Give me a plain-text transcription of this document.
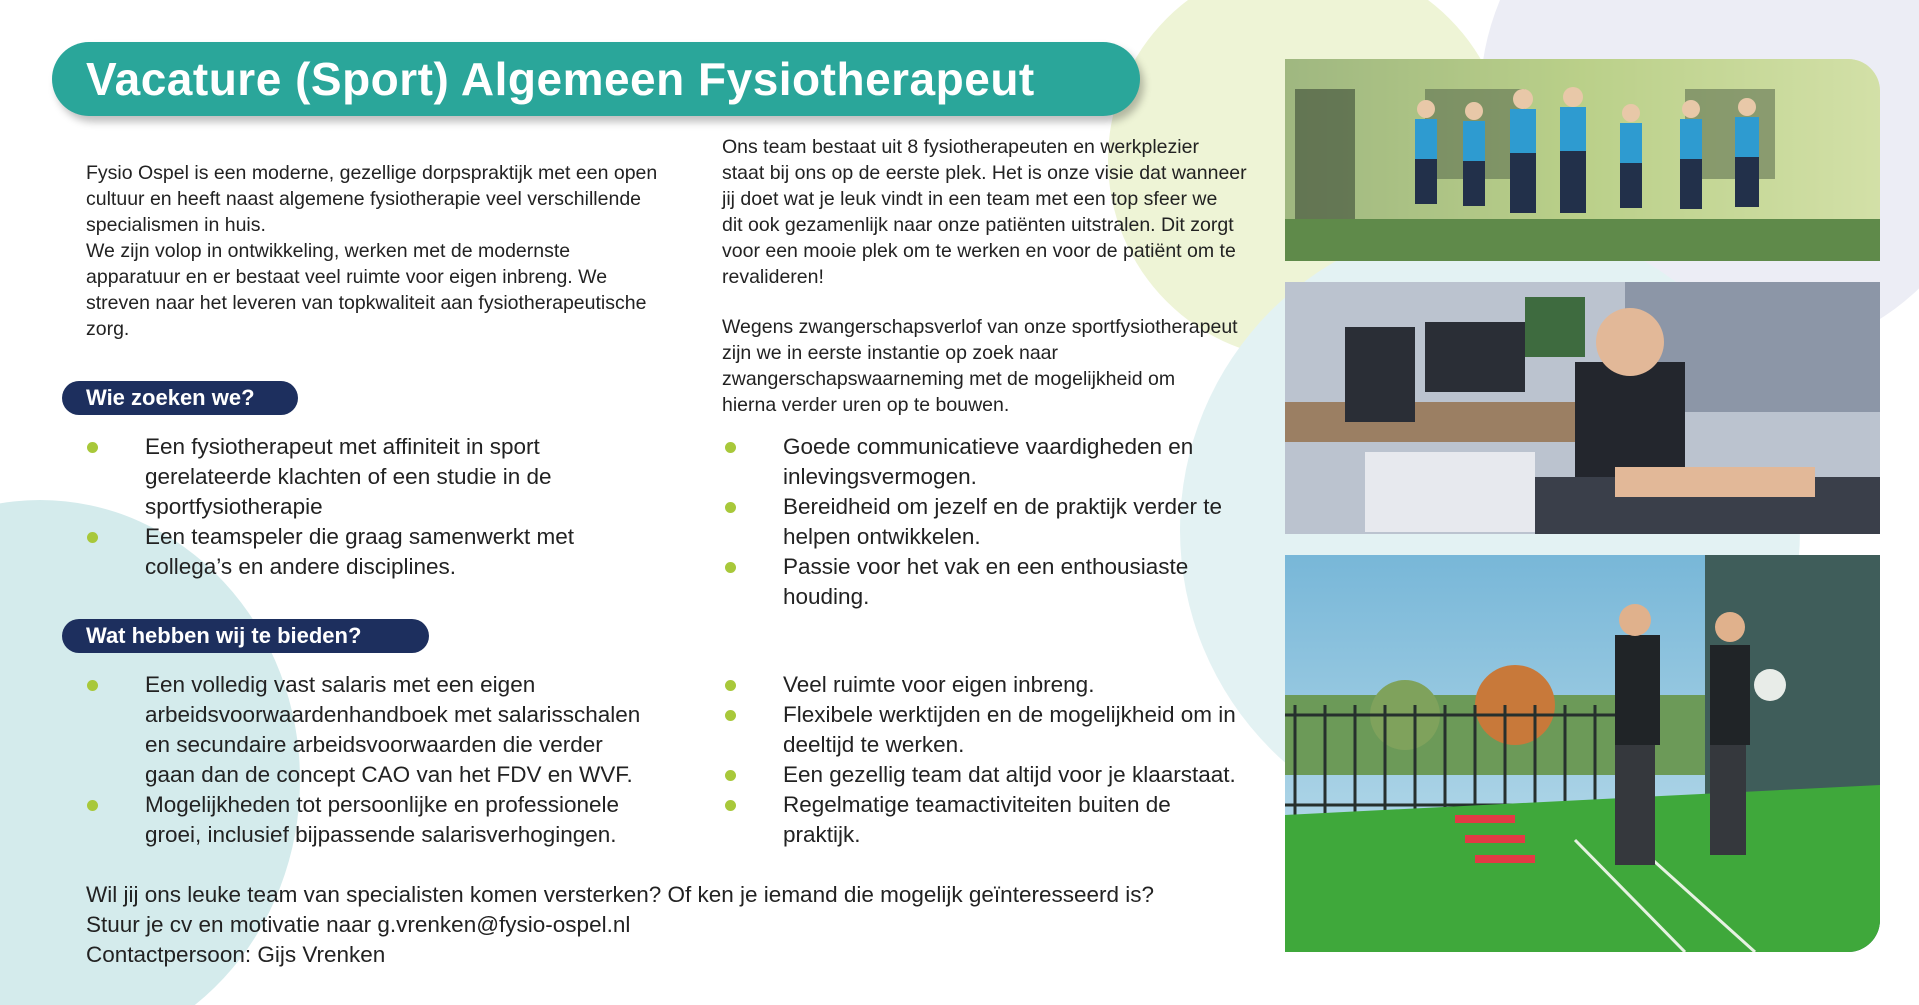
Vacature (Sport) Algemeen Fysiotherapeut
Fysio Ospel is een moderne, gezellige dorpspraktijk met een open
cultuur en heeft naast algemene fysiotherapie veel verschillende
specialismen in huis.
We zijn volop in ontwikkeling, werken met de modernste
apparatuur en er bestaat veel ruimte voor eigen inbreng. We
streven naar het leveren van topkwaliteit aan fysiotherapeutische
zorg.
Ons team bestaat uit 8 fysiotherapeuten en werkplezier
staat bij ons op de eerste plek. Het is onze visie dat wanneer
jij doet wat je leuk vindt in een team met een top sfeer we
dit ook gezamenlijk naar onze patiënten uitstralen. Dit zorgt
voor een mooie plek om te werken en voor de patiënt om te
revalideren!
Wegens zwangerschapsverlof van onze sportfysiotherapeut
zijn we in eerste instantie op zoek naar
zwangerschapswaarneming met de mogelijkheid om
hierna verder uren op te bouwen.
Wie zoeken we?
Een fysiotherapeut met affiniteit in sport
gerelateerde klachten of een studie in de
sportfysiotherapie
Een teamspeler die graag samenwerkt met
collega’s en andere disciplines.
Goede communicatieve vaardigheden en
inlevingsvermogen.
Bereidheid om jezelf en de praktijk verder te
helpen ontwikkelen.
Passie voor het vak en een enthousiaste
houding.
Wat hebben wij te bieden?
Een volledig vast salaris met een eigen
arbeidsvoorwaardenhandboek met salarisschalen
en secundaire arbeidsvoorwaarden die verder
gaan dan de concept CAO van het FDV en WVF.
Mogelijkheden tot persoonlijke en professionele
groei, inclusief bijpassende salarisverhogingen.
Veel ruimte voor eigen inbreng.
Flexibele werktijden en de mogelijkheid om in
deeltijd te werken.
Een gezellig team dat altijd voor je klaarstaat.
Regelmatige teamactiviteiten buiten de
praktijk.
Wil jij ons leuke team van specialisten komen versterken? Of ken je iemand die mogelijk geïnteresseerd is?
Stuur je cv en motivatie naar g.vrenken@fysio-ospel.nl
Contactpersoon: Gijs Vrenken
